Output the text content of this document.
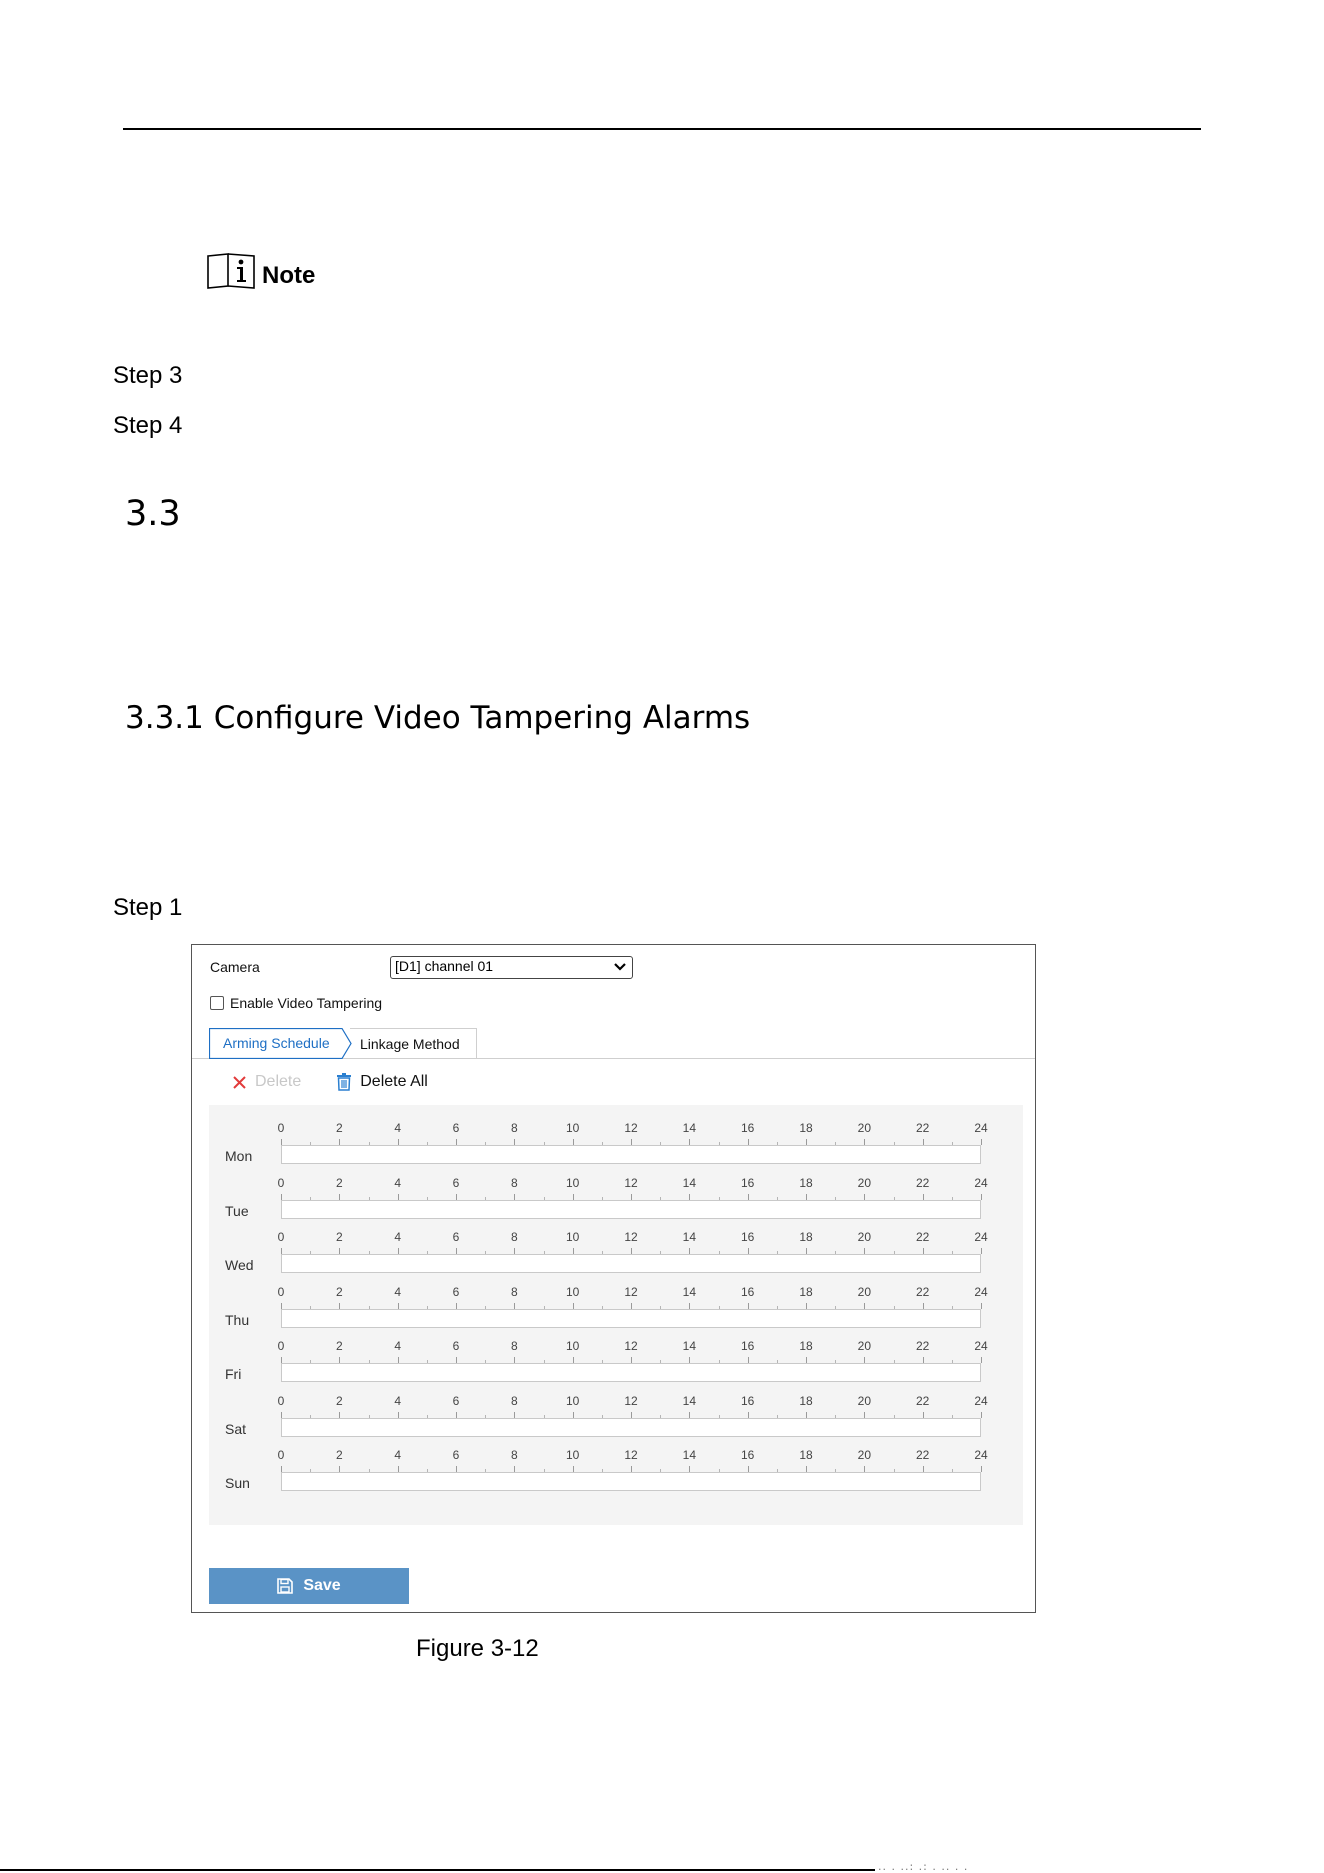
Note
Step 3
Step 4
3.3
3.3.1 Configure Video Tampering Alarms
Step 1
Camera	[D1] channel 01
Enable Video Tampering
Arming Schedule Linkage Method
Delete	Delete All
Mon
0	2	4	6	8	10	12	14	16	18	20	22	24
Tue
0	2	4	6	8	10	12	14	16	18	20	22	24
Wed
0	2	4	6	8	10	12	14	16	18	20	22	24
Thu
0	2	4	6	8	10	12	14	16	18	20	22	24
Fri
0	2	4	6	8	10	12	14	16	18	20	22	24
Sat
0	2	4	6	8	10	12	14	16	18	20	22	24
Sun
0	2	4	6	8	10	12	14	16	18	20	22	24
Save
Figure 3-12
.. . ..: .: . .. . .
